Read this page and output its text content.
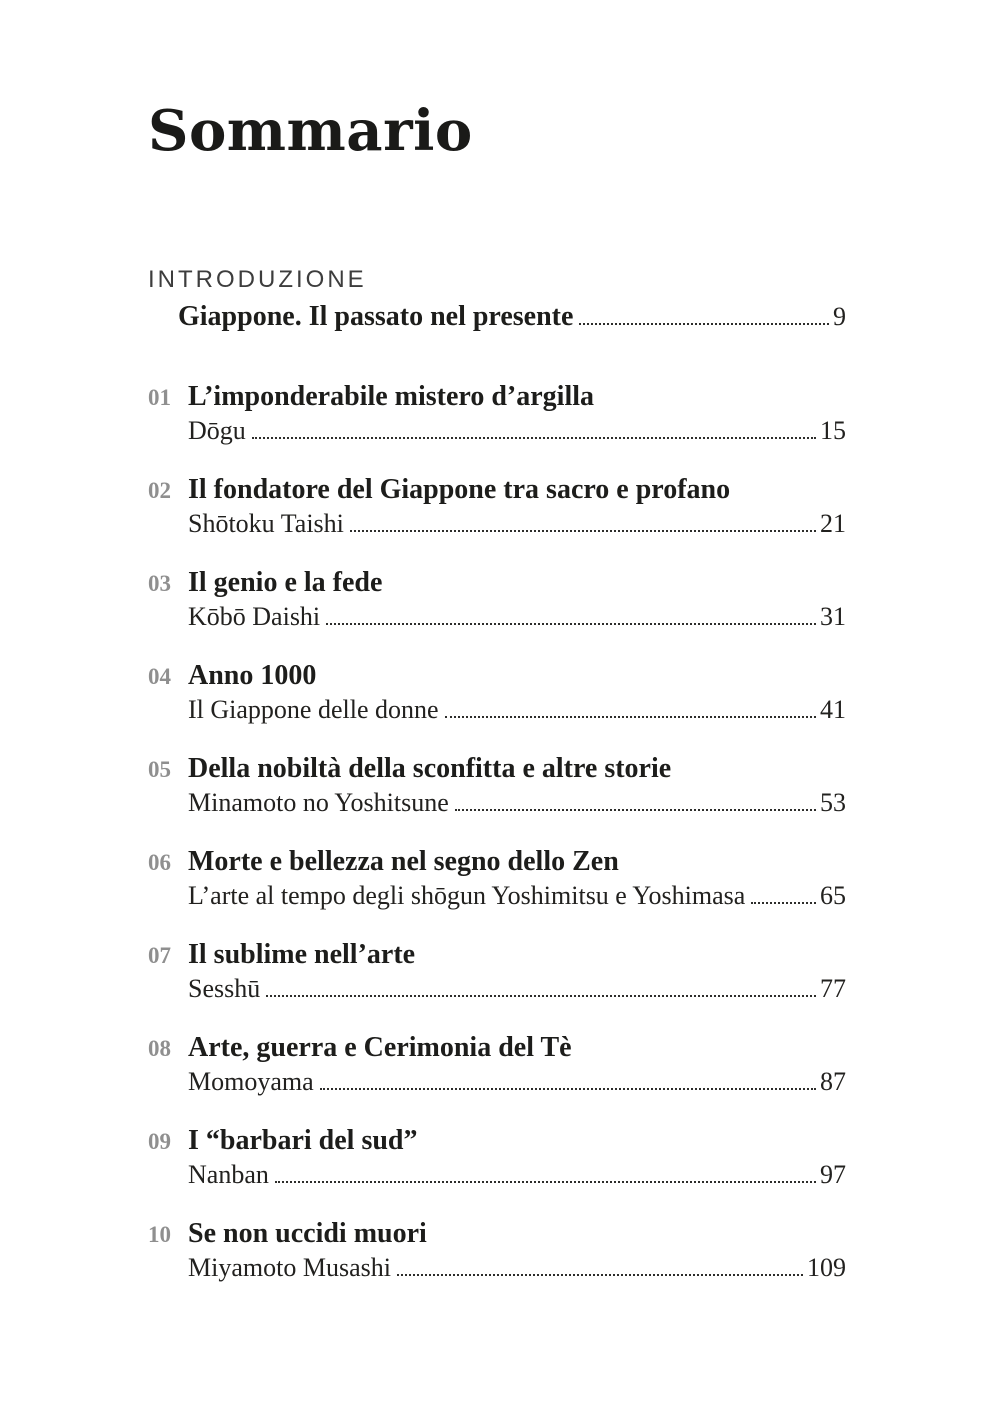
Sommario
INTRODUZIONE
Giappone. Il passato nel presente	9
01 L’imponderabile mistero d’argilla
Dōgu	15
02 Il fondatore del Giappone tra sacro e profano
Shōtoku Taishi	21
03 Il genio e la fede
Kōbō Daishi	31
04 Anno 1000
Il Giappone delle donne	41
05 Della nobiltà della sconfitta e altre storie
Minamoto no Yoshitsune	53
06 Morte e bellezza nel segno dello Zen
L’arte al tempo degli shōgun Yoshimitsu e Yoshimasa	65
07 Il sublime nell’arte
Sesshū	77
08 Arte, guerra e Cerimonia del Tè
Momoyama	87
09 I “barbari del sud”
Nanban	97
10 Se non uccidi muori
Miyamoto Musashi	109
